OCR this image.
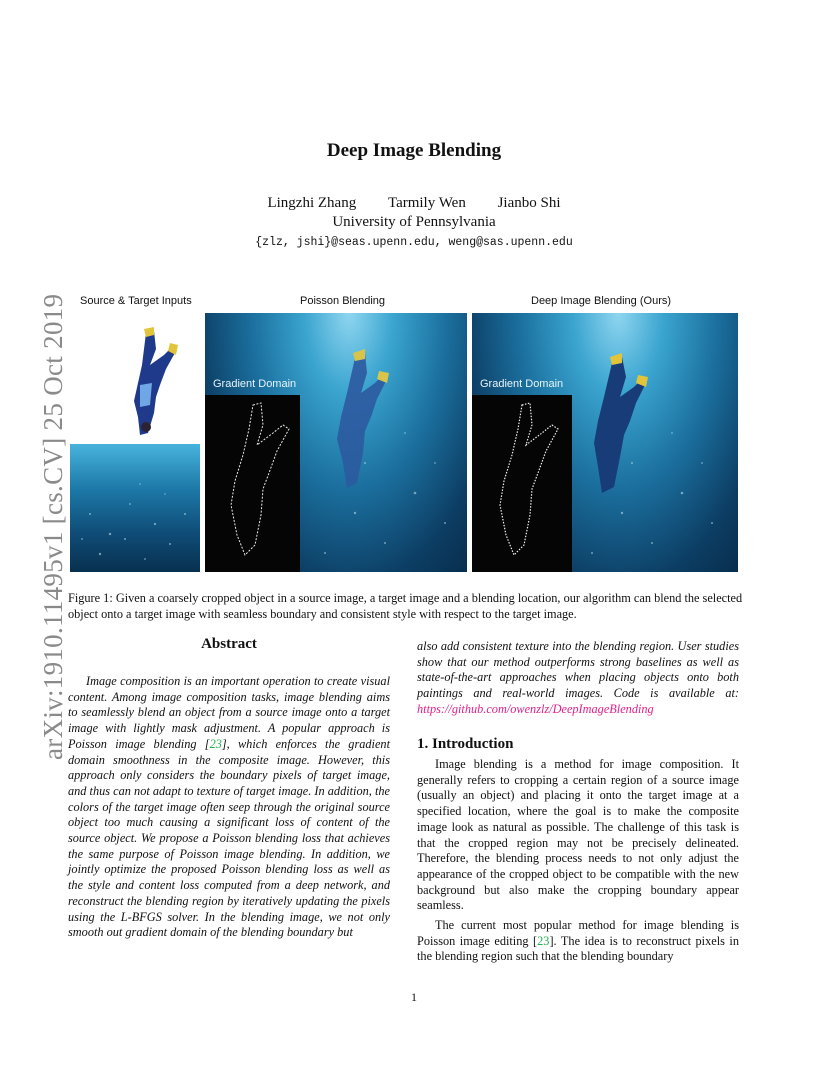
arXiv:1910.11495v1 [cs.CV] 25 Oct 2019
Deep Image Blending
Lingzhi Zhang Tarmily Wen Jianbo Shi
University of Pennsylvania
{zlz, jshi}@seas.upenn.edu, weng@sas.upenn.edu
Source & Target Inputs	Poisson Blending	Deep Image Blending (Ours)
Gradient Domain	Gradient Domain
Figure 1: Given a coarsely cropped object in a source image, a target image and a blending location, our algorithm can blend the selected object onto a target image with seamless boundary and consistent style with respect to the target image.
Abstract
Image composition is an important operation to create visual content. Among image composition tasks, image blending aims to seamlessly blend an object from a source image onto a target image with lightly mask adjustment. A popular approach is Poisson image blending [23], which enforces the gradient domain smoothness in the composite image. However, this approach only considers the boundary pixels of target image, and thus can not adapt to texture of target image. In addition, the colors of the target image often seep through the original source object too much causing a significant loss of content of the source object. We propose a Poisson blending loss that achieves the same purpose of Poisson image blending. In addition, we jointly optimize the proposed Poisson blending loss as well as the style and content loss computed from a deep network, and reconstruct the blending region by iteratively updating the pixels using the L-BFGS solver. In the blending image, we not only smooth out gradient domain of the blending boundary but
also add consistent texture into the blending region. User studies show that our method outperforms strong baselines as well as state-of-the-art approaches when placing objects onto both paintings and real-world images. Code is available at: https://github.com/owenzlz/DeepImageBlending
1. Introduction
Image blending is a method for image composition. It generally refers to cropping a certain region of a source image (usually an object) and placing it onto the target image at a specified location, where the goal is to make the composite image look as natural as possible. The challenge of this task is that the cropped region may not be precisely delineated. Therefore, the blending process needs to not only adjust the appearance of the cropped object to be compatible with the new background but also make the cropping boundary appear seamless.
The current most popular method for image blending is Poisson image editing [23]. The idea is to reconstruct pixels in the blending region such that the blending boundary
1
